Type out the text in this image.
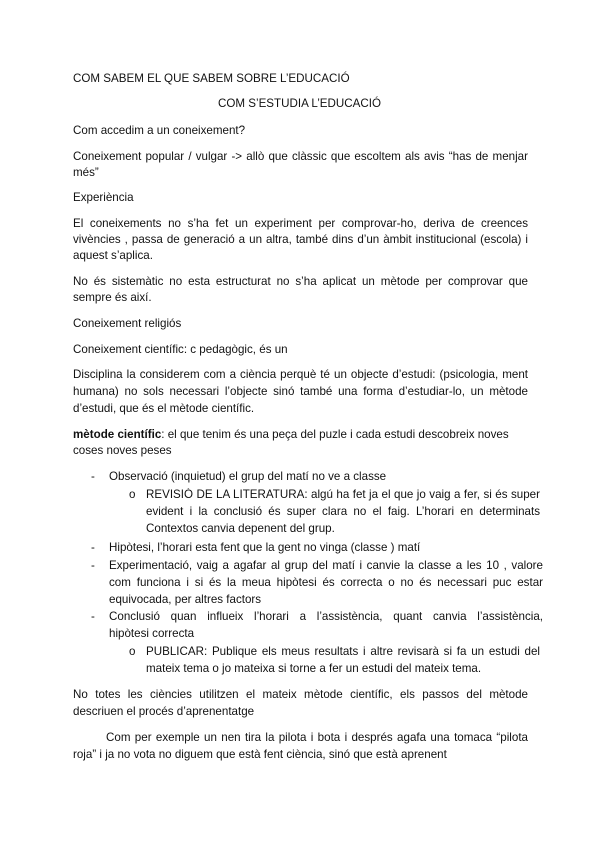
COM SABEM EL QUE SABEM SOBRE L’EDUCACIÓ
COM S’ESTUDIA L’EDUCACIÓ
Com accedim a un coneixement?
Coneixement popular / vulgar -> allò que clàssic que escoltem als avis “has de menjar
més”
Experiència
El coneixements no s’ha fet un experiment per comprovar-ho, deriva de creences
vivències , passa de generació a un altra, també dins d’un àmbit institucional (escola) i
aquest s’aplica.
No és sistemàtic no esta estructurat no s’ha aplicat un mètode per comprovar que
sempre és així.
Coneixement religiós
Coneixement científic: c pedagògic, és un
Disciplina la considerem com a ciència perquè té un objecte d’estudi: (psicologia, ment
humana) no sols necessari l’objecte sinó també una forma d’estudiar-lo, un mètode
d’estudi, que és el mètode científic.
mètode científic: el que tenim és una peça del puzle i cada estudi descobreix noves
coses noves peses
- Observació (inquietud) el grup del matí no ve a classe
o REVISIÓ DE LA LITERATURA: algú ha fet ja el que jo vaig a fer, si és super
evident i la conclusió és super clara no el faig. L’horari en determinats
Contextos canvia depenent del grup.
- Hipòtesi, l’horari esta fent que la gent no vinga (classe ) matí
- Experimentació, vaig a agafar al grup del matí i canvie la classe a les 10 , valore
com funciona i si és la meua hipòtesi és correcta o no és necessari puc estar
equivocada, per altres factors
- Conclusió quan influeix l’horari a l’assistència, quant canvia l’assistència,
hipòtesi correcta
o PUBLICAR: Publique els meus resultats i altre revisarà si fa un estudi del
mateix tema o jo mateixa si torne a fer un estudi del mateix tema.
No totes les ciències utilitzen el mateix mètode científic, els passos del mètode
descriuen el procés d’aprenentatge
Com per exemple un nen tira la pilota i bota i després agafa una tomaca “pilota
roja” i ja no vota no diguem que està fent ciència, sinó que està aprenent
